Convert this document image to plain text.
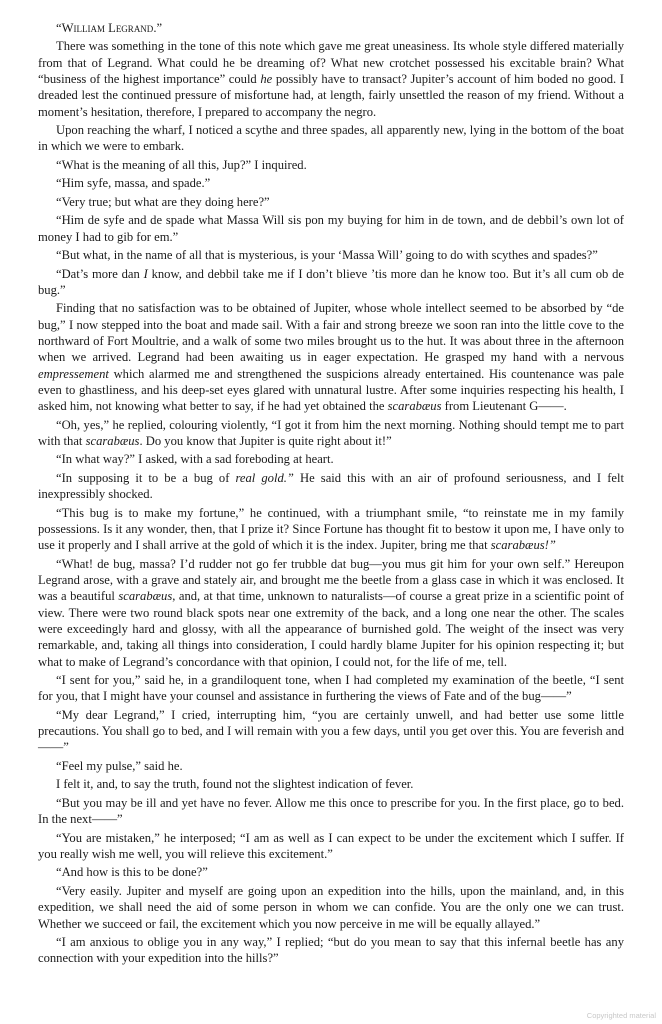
“William Legrand.”

There was something in the tone of this note which gave me great uneasiness. Its whole style differed materially from that of Legrand. What could he be dreaming of? What new crotchet possessed his excitable brain? What “business of the highest importance” could he possibly have to transact? Jupiter’s account of him boded no good. I dreaded lest the continued pressure of misfortune had, at length, fairly unsettled the reason of my friend. Without a moment’s hesitation, therefore, I prepared to accompany the negro.

Upon reaching the wharf, I noticed a scythe and three spades, all apparently new, lying in the bottom of the boat in which we were to embark.

“What is the meaning of all this, Jup?” I inquired.

“Him syfe, massa, and spade.”

“Very true; but what are they doing here?”

“Him de syfe and de spade what Massa Will sis pon my buying for him in de town, and de debbil’s own lot of money I had to gib for em.”

“But what, in the name of all that is mysterious, is your ‘Massa Will’ going to do with scythes and spades?”

“Dat’s more dan I know, and debbil take me if I don’t blieve ’tis more dan he know too. But it’s all cum ob de bug.”

Finding that no satisfaction was to be obtained of Jupiter, whose whole intellect seemed to be absorbed by “de bug,” I now stepped into the boat and made sail. With a fair and strong breeze we soon ran into the little cove to the northward of Fort Moultrie, and a walk of some two miles brought us to the hut. It was about three in the afternoon when we arrived. Legrand had been awaiting us in eager expectation. He grasped my hand with a nervous empressement which alarmed me and strengthened the suspicions already entertained. His countenance was pale even to ghastliness, and his deep-set eyes glared with unnatural lustre. After some inquiries respecting his health, I asked him, not knowing what better to say, if he had yet obtained the scarabæus from Lieutenant G——.

“Oh, yes,” he replied, colouring violently, “I got it from him the next morning. Nothing should tempt me to part with that scarabæus. Do you know that Jupiter is quite right about it!”

“In what way?” I asked, with a sad foreboding at heart.

“In supposing it to be a bug of real gold.” He said this with an air of profound seriousness, and I felt inexpressibly shocked.

“This bug is to make my fortune,” he continued, with a triumphant smile, “to reinstate me in my family possessions. Is it any wonder, then, that I prize it? Since Fortune has thought fit to bestow it upon me, I have only to use it properly and I shall arrive at the gold of which it is the index. Jupiter, bring me that scarabæus!”

“What! de bug, massa? I’d rudder not go fer trubble dat bug—you mus git him for your own self.” Hereupon Legrand arose, with a grave and stately air, and brought me the beetle from a glass case in which it was enclosed. It was a beautiful scarabæus, and, at that time, unknown to naturalists—of course a great prize in a scientific point of view. There were two round black spots near one extremity of the back, and a long one near the other. The scales were exceedingly hard and glossy, with all the appearance of burnished gold. The weight of the insect was very remarkable, and, taking all things into consideration, I could hardly blame Jupiter for his opinion respecting it; but what to make of Legrand’s concordance with that opinion, I could not, for the life of me, tell.

“I sent for you,” said he, in a grandiloquent tone, when I had completed my examination of the beetle, “I sent for you, that I might have your counsel and assistance in furthering the views of Fate and of the bug——”

“My dear Legrand,” I cried, interrupting him, “you are certainly unwell, and had better use some little precautions. You shall go to bed, and I will remain with you a few days, until you get over this. You are feverish and——”

“Feel my pulse,” said he.

I felt it, and, to say the truth, found not the slightest indication of fever.

“But you may be ill and yet have no fever. Allow me this once to prescribe for you. In the first place, go to bed. In the next——”

“You are mistaken,” he interposed; “I am as well as I can expect to be under the excitement which I suffer. If you really wish me well, you will relieve this excitement.”

“And how is this to be done?”

“Very easily. Jupiter and myself are going upon an expedition into the hills, upon the mainland, and, in this expedition, we shall need the aid of some person in whom we can confide. You are the only one we can trust. Whether we succeed or fail, the excitement which you now perceive in me will be equally allayed.”

“I am anxious to oblige you in any way,” I replied; “but do you mean to say that this infernal beetle has any connection with your expedition into the hills?”

Copyrighted material
